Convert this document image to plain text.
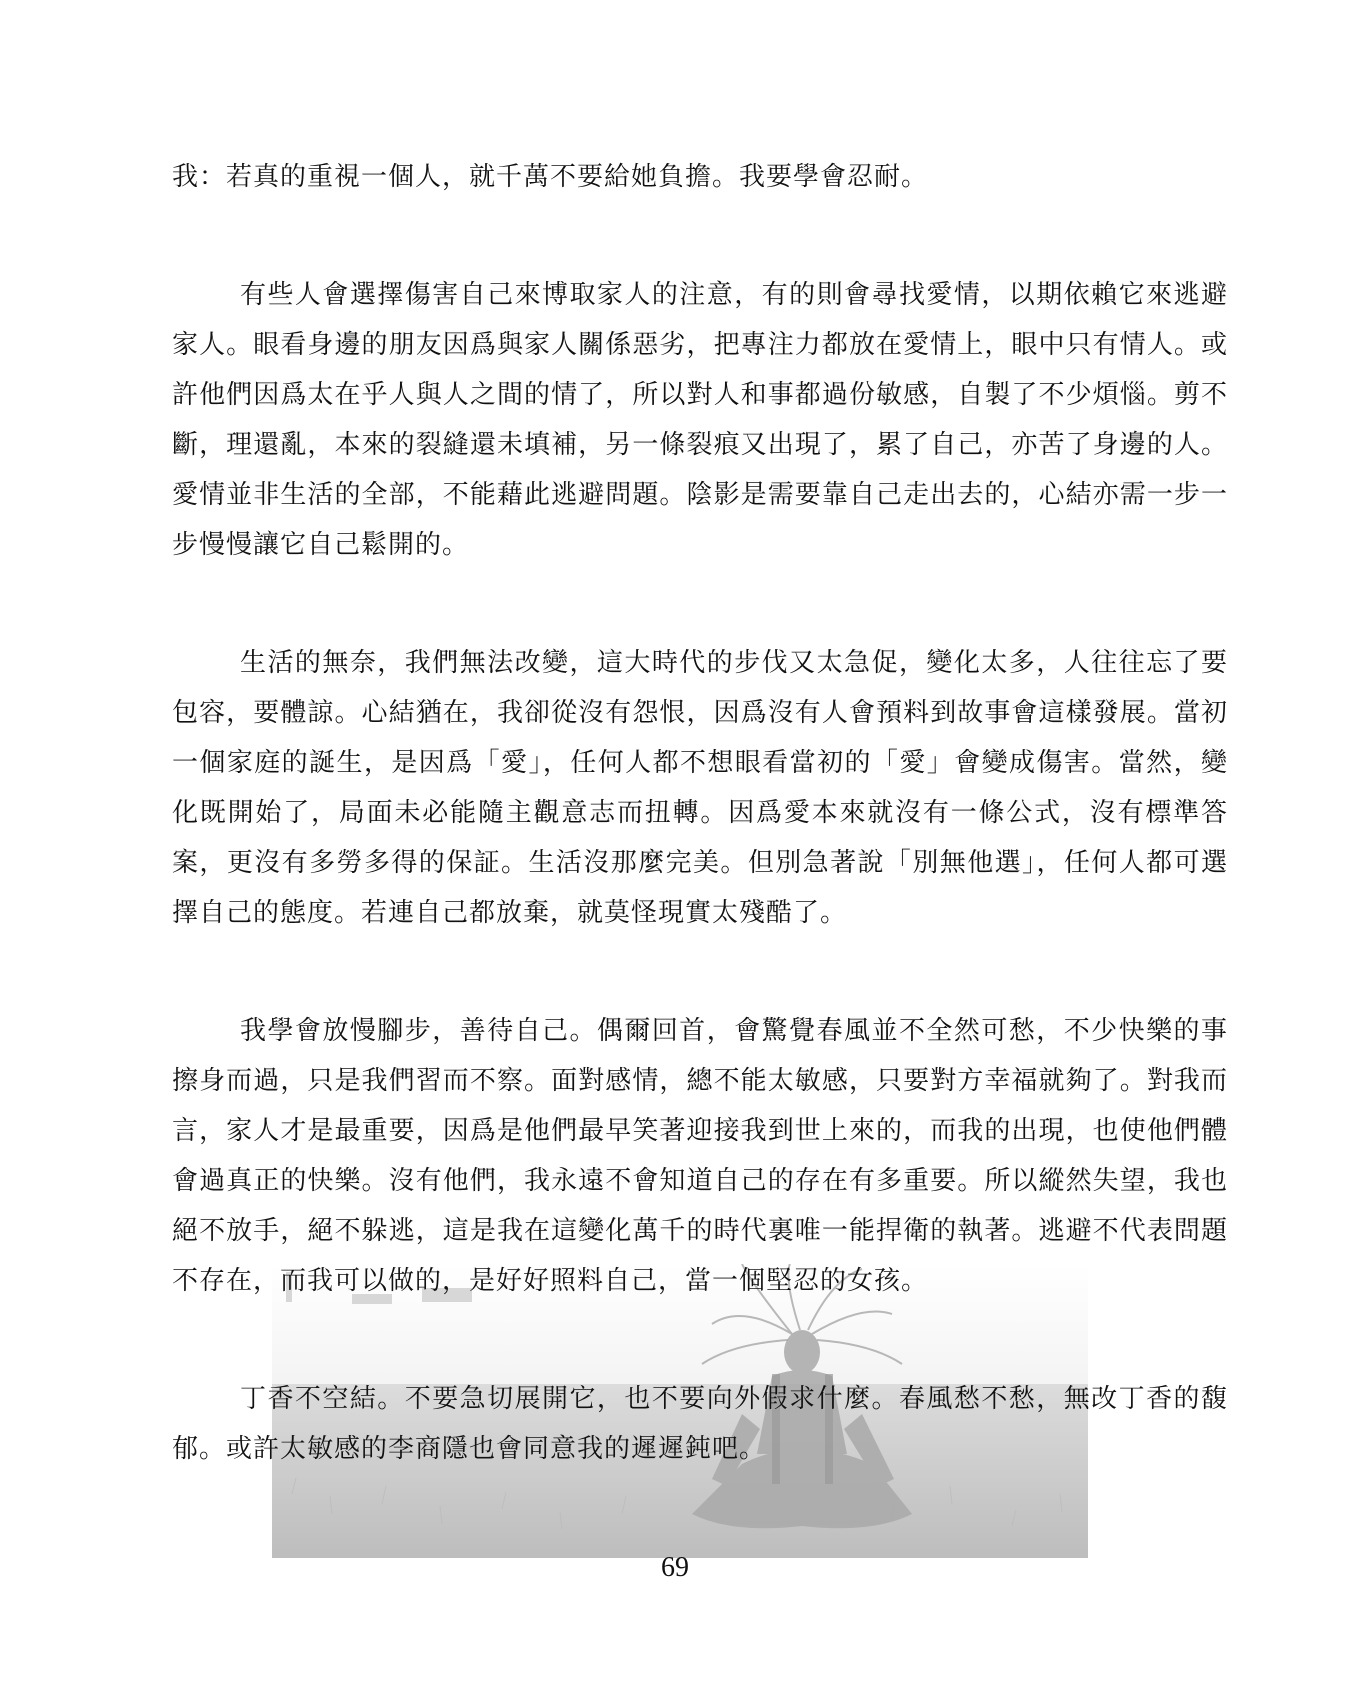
我：若真的重視一個人，就千萬不要給她負擔。我要學會忍耐。

有些人會選擇傷害自己來博取家人的注意，有的則會尋找愛情，以期依賴它來逃避家人。眼看身邊的朋友因爲與家人關係惡劣，把專注力都放在愛情上，眼中只有情人。或許他們因爲太在乎人與人之間的情了，所以對人和事都過份敏感，自製了不少煩惱。剪不斷，理還亂，本來的裂縫還未填補，另一條裂痕又出現了，累了自己，亦苦了身邊的人。愛情並非生活的全部，不能藉此逃避問題。陰影是需要靠自己走出去的，心結亦需一步一步慢慢讓它自己鬆開的。

生活的無奈，我們無法改變，這大時代的步伐又太急促，變化太多，人往往忘了要包容，要體諒。心結猶在，我卻從沒有怨恨，因爲沒有人會預料到故事會這樣發展。當初一個家庭的誕生，是因爲「愛」，任何人都不想眼看當初的「愛」會變成傷害。當然，變化既開始了，局面未必能隨主觀意志而扭轉。因爲愛本來就沒有一條公式，沒有標準答案，更沒有多勞多得的保証。生活沒那麼完美。但別急著說「別無他選」，任何人都可選擇自己的態度。若連自己都放棄，就莫怪現實太殘酷了。

我學會放慢腳步，善待自己。偶爾回首，會驚覺春風並不全然可愁，不少快樂的事擦身而過，只是我們習而不察。面對感情，總不能太敏感，只要對方幸福就夠了。對我而言，家人才是最重要，因爲是他們最早笑著迎接我到世上來的，而我的出現，也使他們體會過真正的快樂。沒有他們，我永遠不會知道自己的存在有多重要。所以縱然失望，我也絕不放手，絕不躲逃，這是我在這變化萬千的時代裏唯一能捍衛的執著。逃避不代表問題不存在，而我可以做的，是好好照料自己，當一個堅忍的女孩。

丁香不空結。不要急切展開它，也不要向外假求什麼。春風愁不愁，無改丁香的馥郁。或許太敏感的李商隱也會同意我的遲遲鈍吧。

69
